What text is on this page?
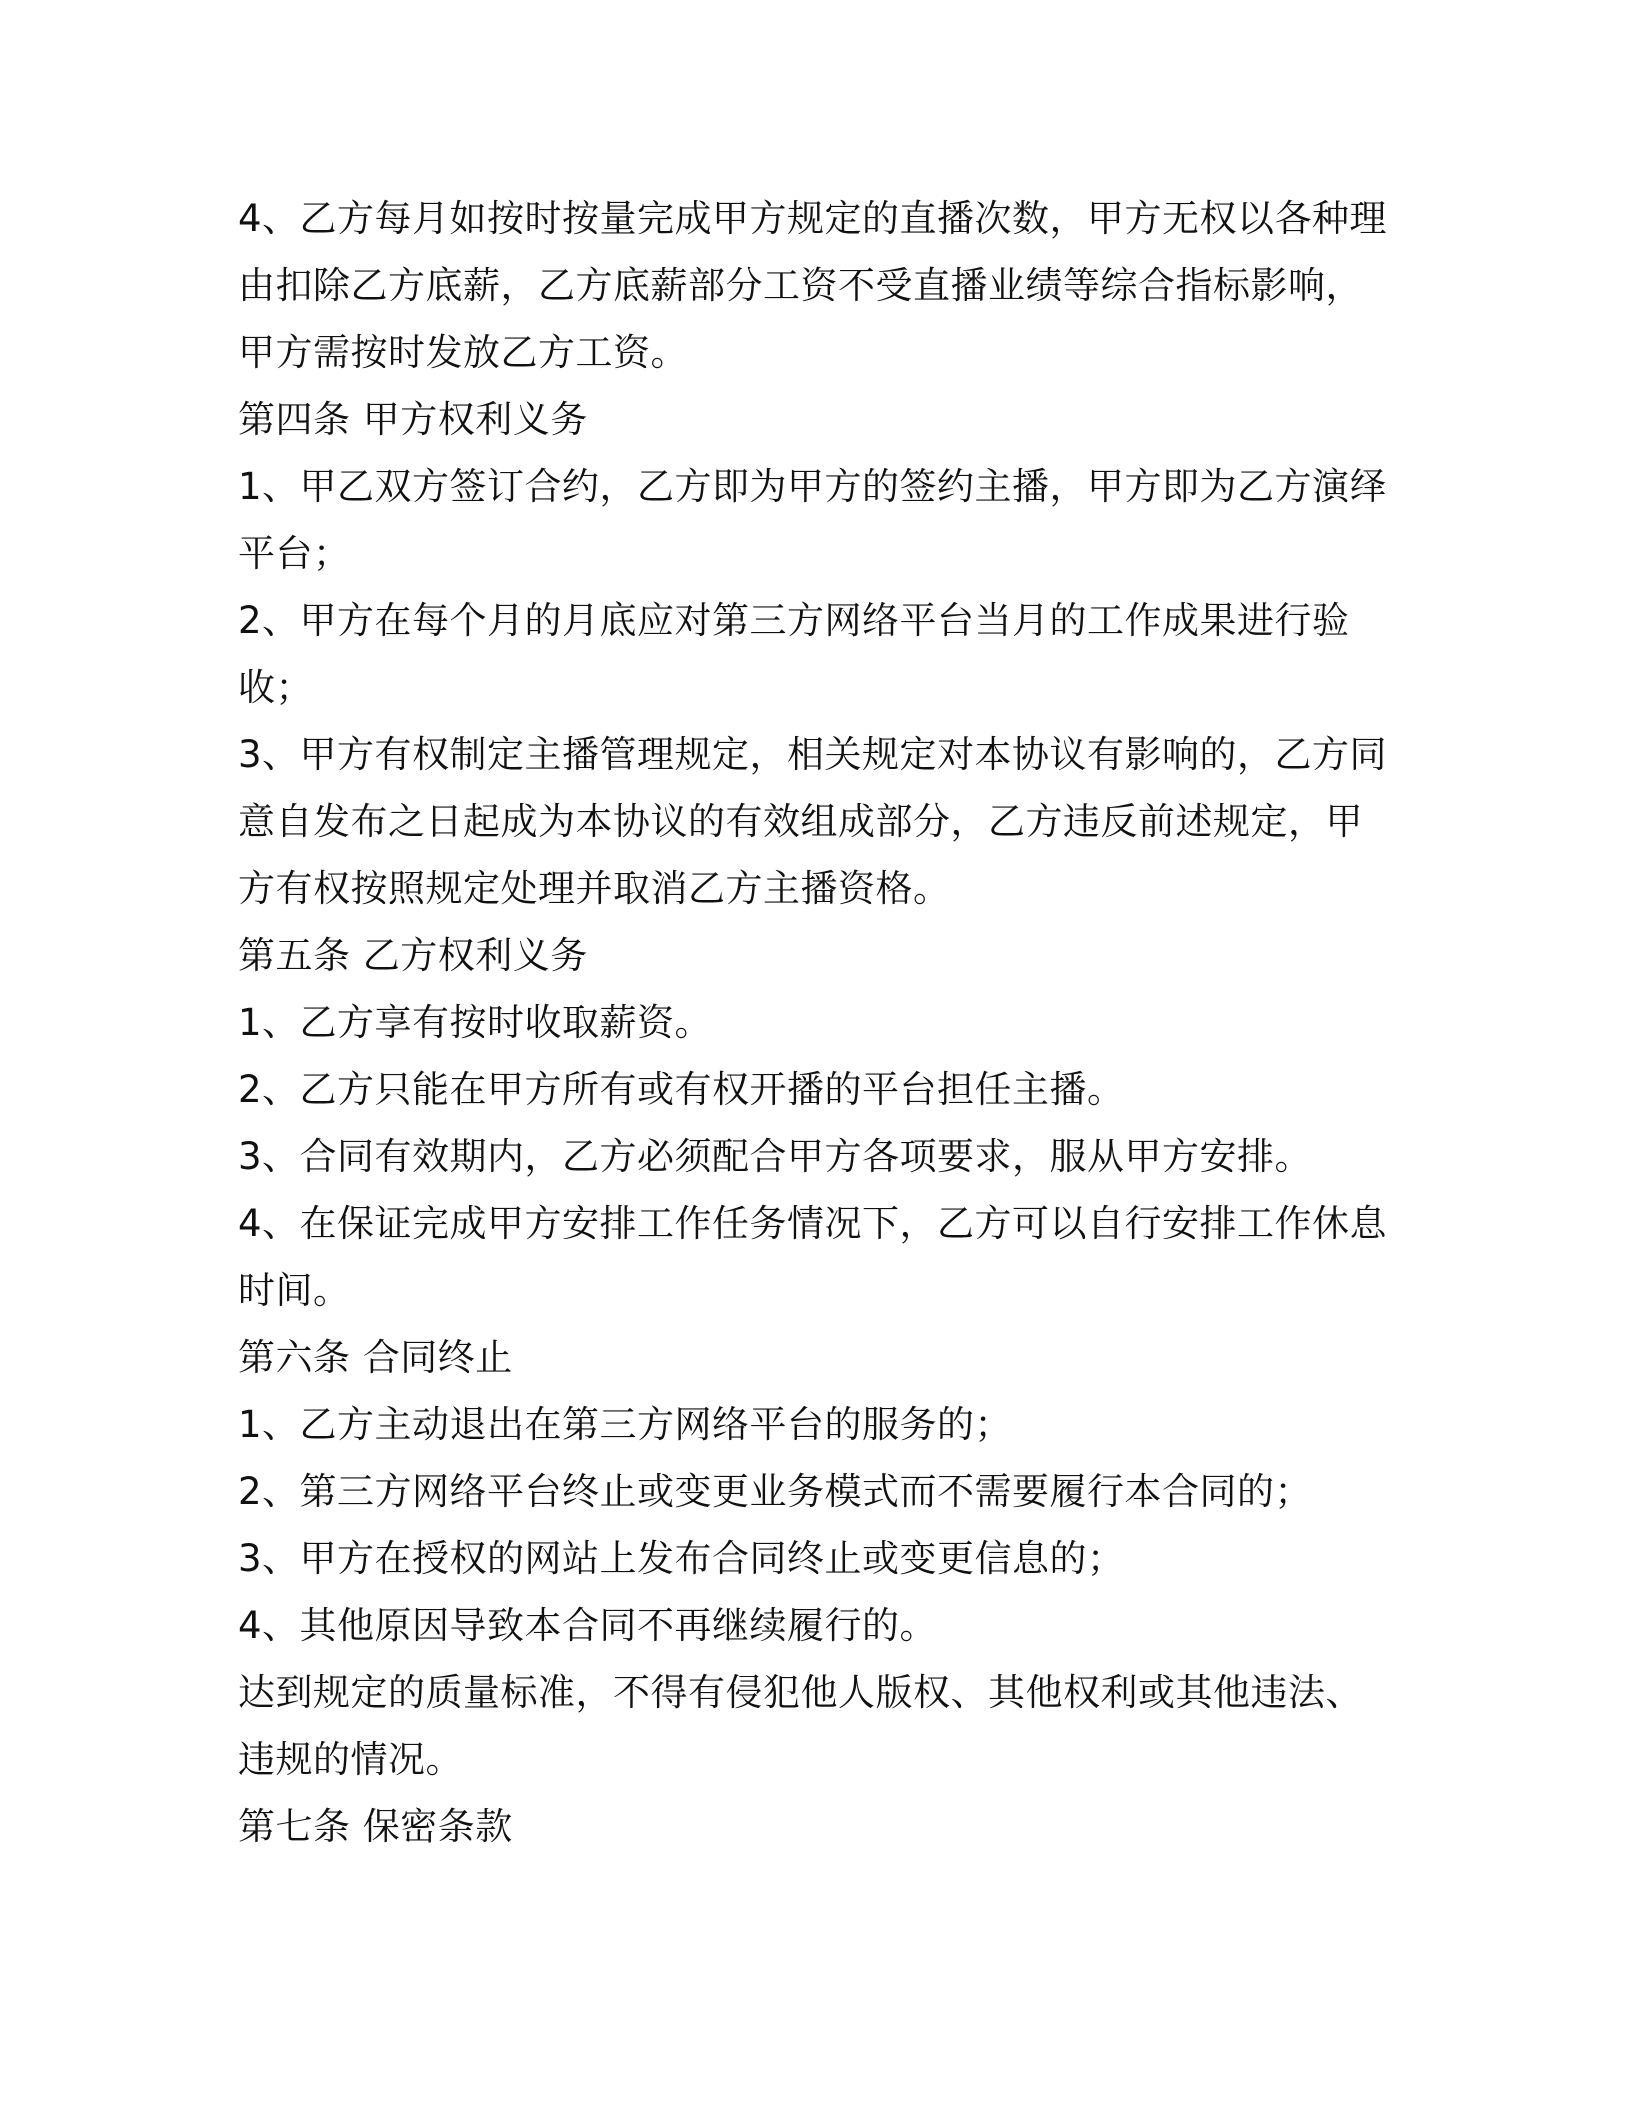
4、乙方每月如按时按量完成甲方规定的直播次数，甲方无权以各种理
由扣除乙方底薪，乙方底薪部分工资不受直播业绩等综合指标影响，
甲方需按时发放乙方工资。
第四条 甲方权利义务
1、甲乙双方签订合约，乙方即为甲方的签约主播，甲方即为乙方演绎
平台；
2、甲方在每个月的月底应对第三方网络平台当月的工作成果进行验
收；
3、甲方有权制定主播管理规定，相关规定对本协议有影响的，乙方同
意自发布之日起成为本协议的有效组成部分，乙方违反前述规定，甲
方有权按照规定处理并取消乙方主播资格。
第五条 乙方权利义务
1、乙方享有按时收取薪资。
2、乙方只能在甲方所有或有权开播的平台担任主播。
3、合同有效期内，乙方必须配合甲方各项要求，服从甲方安排。
4、在保证完成甲方安排工作任务情况下，乙方可以自行安排工作休息
时间。
第六条 合同终止
1、乙方主动退出在第三方网络平台的服务的；
2、第三方网络平台终止或变更业务模式而不需要履行本合同的；
3、甲方在授权的网站上发布合同终止或变更信息的；
4、其他原因导致本合同不再继续履行的。
达到规定的质量标准，不得有侵犯他人版权、其他权利或其他违法、
违规的情况。
第七条 保密条款
